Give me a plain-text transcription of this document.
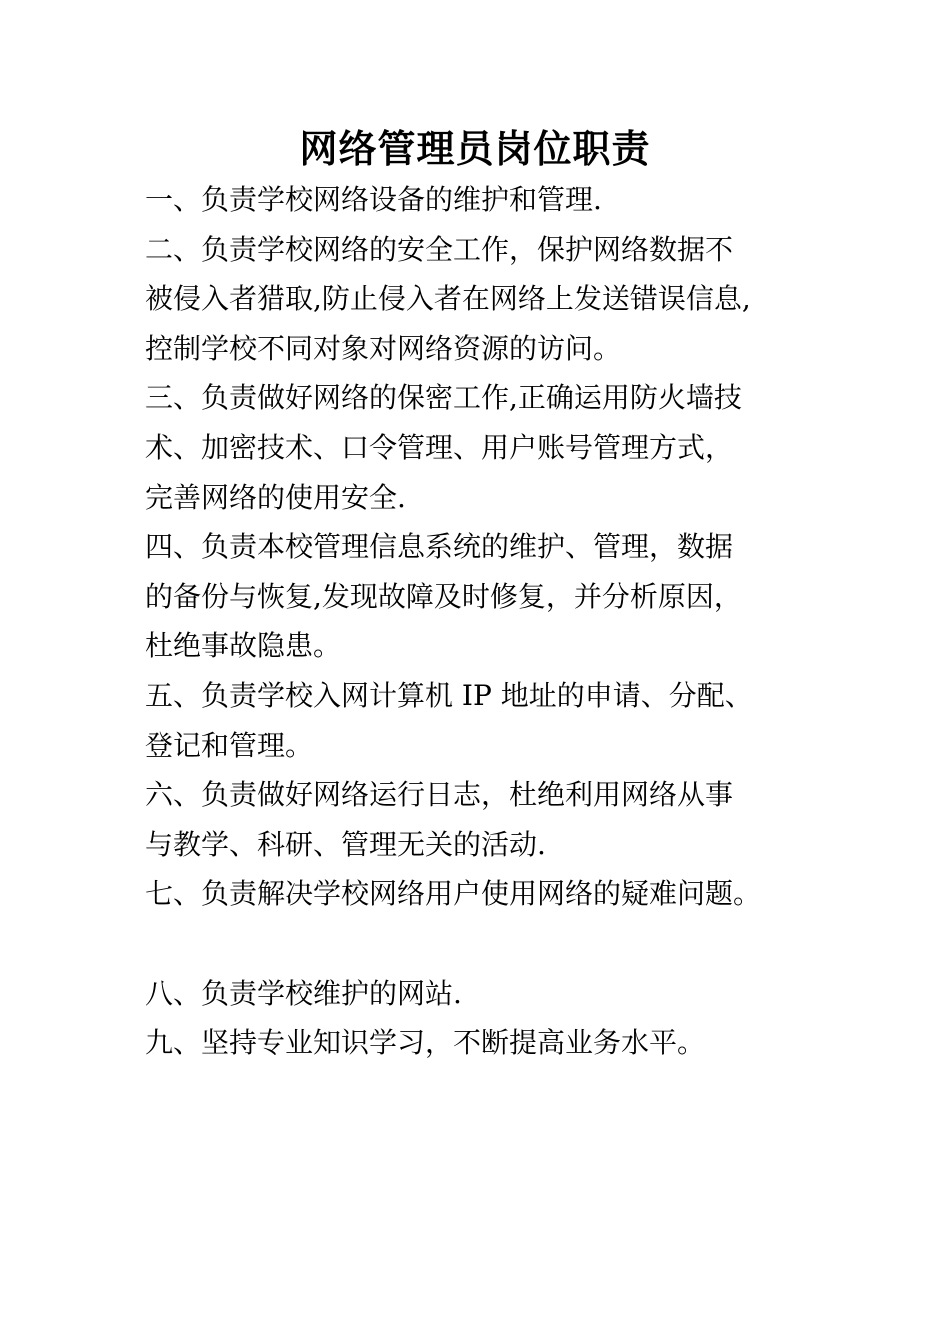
网络管理员岗位职责

一、负责学校网络设备的维护和管理.

二、负责学校网络的安全工作，保护网络数据不
被侵入者猎取,防止侵入者在网络上发送错误信息,
控制学校不同对象对网络资源的访问。

三、负责做好网络的保密工作,正确运用防火墙技
术、加密技术、口令管理、用户账号管理方式，
完善网络的使用安全.

四、负责本校管理信息系统的维护、管理，数据
的备份与恢复,发现故障及时修复，并分析原因，
杜绝事故隐患。

五、负责学校入网计算机 IP 地址的申请、分配、
登记和管理。

六、负责做好网络运行日志，杜绝利用网络从事
与教学、科研、管理无关的活动.

七、负责解决学校网络用户使用网络的疑难问题。

八、负责学校维护的网站.

九、坚持专业知识学习，不断提高业务水平。
